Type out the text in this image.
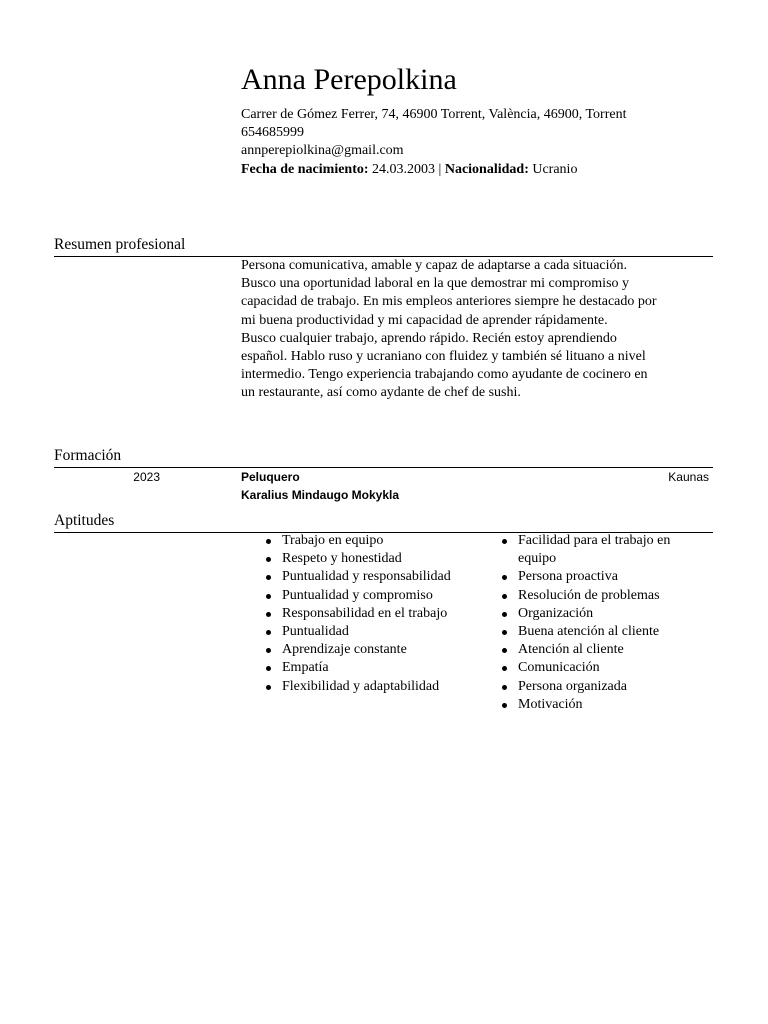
Anna Perepolkina
Carrer de Gómez Ferrer, 74, 46900 Torrent, València, 46900, Torrent
654685999
annperepiolkina@gmail.com
Fecha de nacimiento: 24.03.2003 | Nacionalidad: Ucranio
Resumen profesional
Persona comunicativa, amable y capaz de adaptarse a cada situación.
Busco una oportunidad laboral en la que demostrar mi compromiso y
capacidad de trabajo. En mis empleos anteriores siempre he destacado por
mi buena productividad y mi capacidad de aprender rápidamente.
Busco cualquier trabajo, aprendo rápido. Recién estoy aprendiendo
español. Hablo ruso y ucraniano con fluidez y también sé lituano a nivel
intermedio. Tengo experiencia trabajando como ayudante de cocinero en
un restaurante, así como aydante de chef de sushi.
Formación
2023	Peluquero
Karalius Mindaugo Mokykla
Kaunas
Aptitudes
Trabajo en equipo
Respeto y honestidad
Puntualidad y responsabilidad
Puntualidad y compromiso
Responsabilidad en el trabajo
Puntualidad
Aprendizaje constante
Empatía
Flexibilidad y adaptabilidad
Facilidad para el trabajo en equipo
Persona proactiva
Resolución de problemas
Organización
Buena atención al cliente
Atención al cliente
Comunicación
Persona organizada
Motivación
